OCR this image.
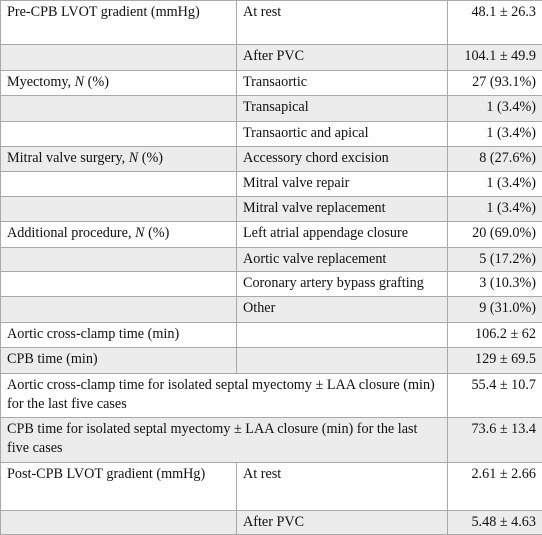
Pre-CPB LVOT gradient (mmHg)	At rest	48.1 ± 26.3
	After PVC	104.1 ± 49.9
Myectomy, N (%)	Transaortic	27 (93.1%)
	Transapical	1 (3.4%)
	Transaortic and apical	1 (3.4%)
Mitral valve surgery, N (%)	Accessory chord excision	8 (27.6%)
	Mitral valve repair	1 (3.4%)
	Mitral valve replacement	1 (3.4%)
Additional procedure, N (%)	Left atrial appendage closure	20 (69.0%)
	Aortic valve replacement	5 (17.2%)
	Coronary artery bypass grafting	3 (10.3%)
	Other	9 (31.0%)
Aortic cross-clamp time (min)		106.2 ± 62
CPB time (min)		129 ± 69.5
Aortic cross-clamp time for isolated septal myectomy ± LAA closure (min) for the last five cases		55.4 ± 10.7
CPB time for isolated septal myectomy ± LAA closure (min) for the last five cases		73.6 ± 13.4
Post-CPB LVOT gradient (mmHg)	At rest	2.61 ± 2.66
	After PVC	5.48 ± 4.63
